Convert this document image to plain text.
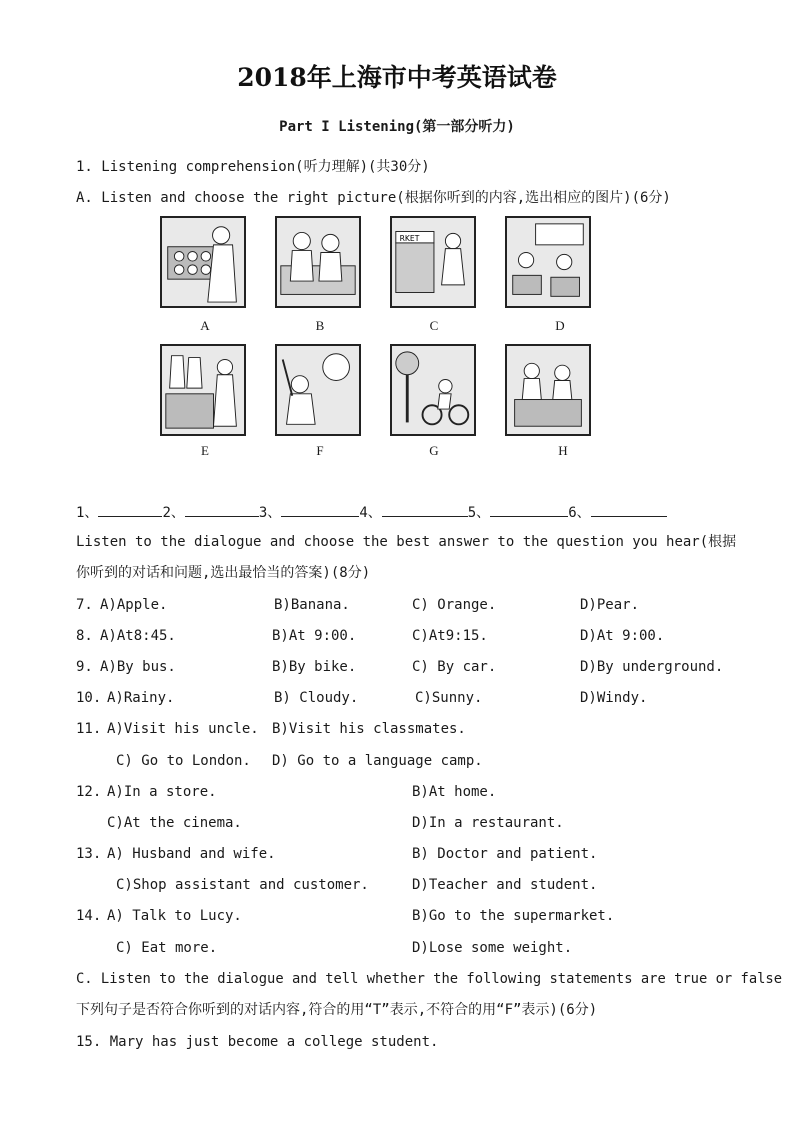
2018年上海市中考英语试卷
Part I Listening(第一部分听力)
1. Listening comprehension(听力理解)(共30分)
A. Listen and choose the right picture(根据你听到的内容,选出相应的图片)(6分)
RKET
A	B	C	D
E	F	G	H
1、	2、	3、	4、	5、	6、
Listen to the dialogue and choose the best answer to the question you hear(根据
你听到的对话和问题,选出最恰当的答案)(8分)
7. A)Apple.	B)Banana.	C) Orange.	D)Pear.
8. A)At8:45.	B)At 9:00.	C)At9:15.	D)At 9:00.
9. A)By bus.	B)By bike.	C) By car.	D)By underground.
10. A)Rainy.	B) Cloudy.	C)Sunny.	D)Windy.
11. A)Visit his uncle. B)Visit his classmates.
C) Go to London. D) Go to a language camp.
12. A)In a store.	B)At home.
C)At the cinema.	D)In a restaurant.
13. A) Husband and wife.	B) Doctor and patient.
C)Shop assistant and customer.	D)Teacher and student.
14. A) Talk to Lucy.	B)Go to the supermarket.
C) Eat more.	D)Lose some weight.
C. Listen to the dialogue and tell whether the following statements are true or false
下列句子是否符合你听到的对话内容,符合的用“T”表示,不符合的用“F”表示)(6分)
15. Mary has just become a college student.
